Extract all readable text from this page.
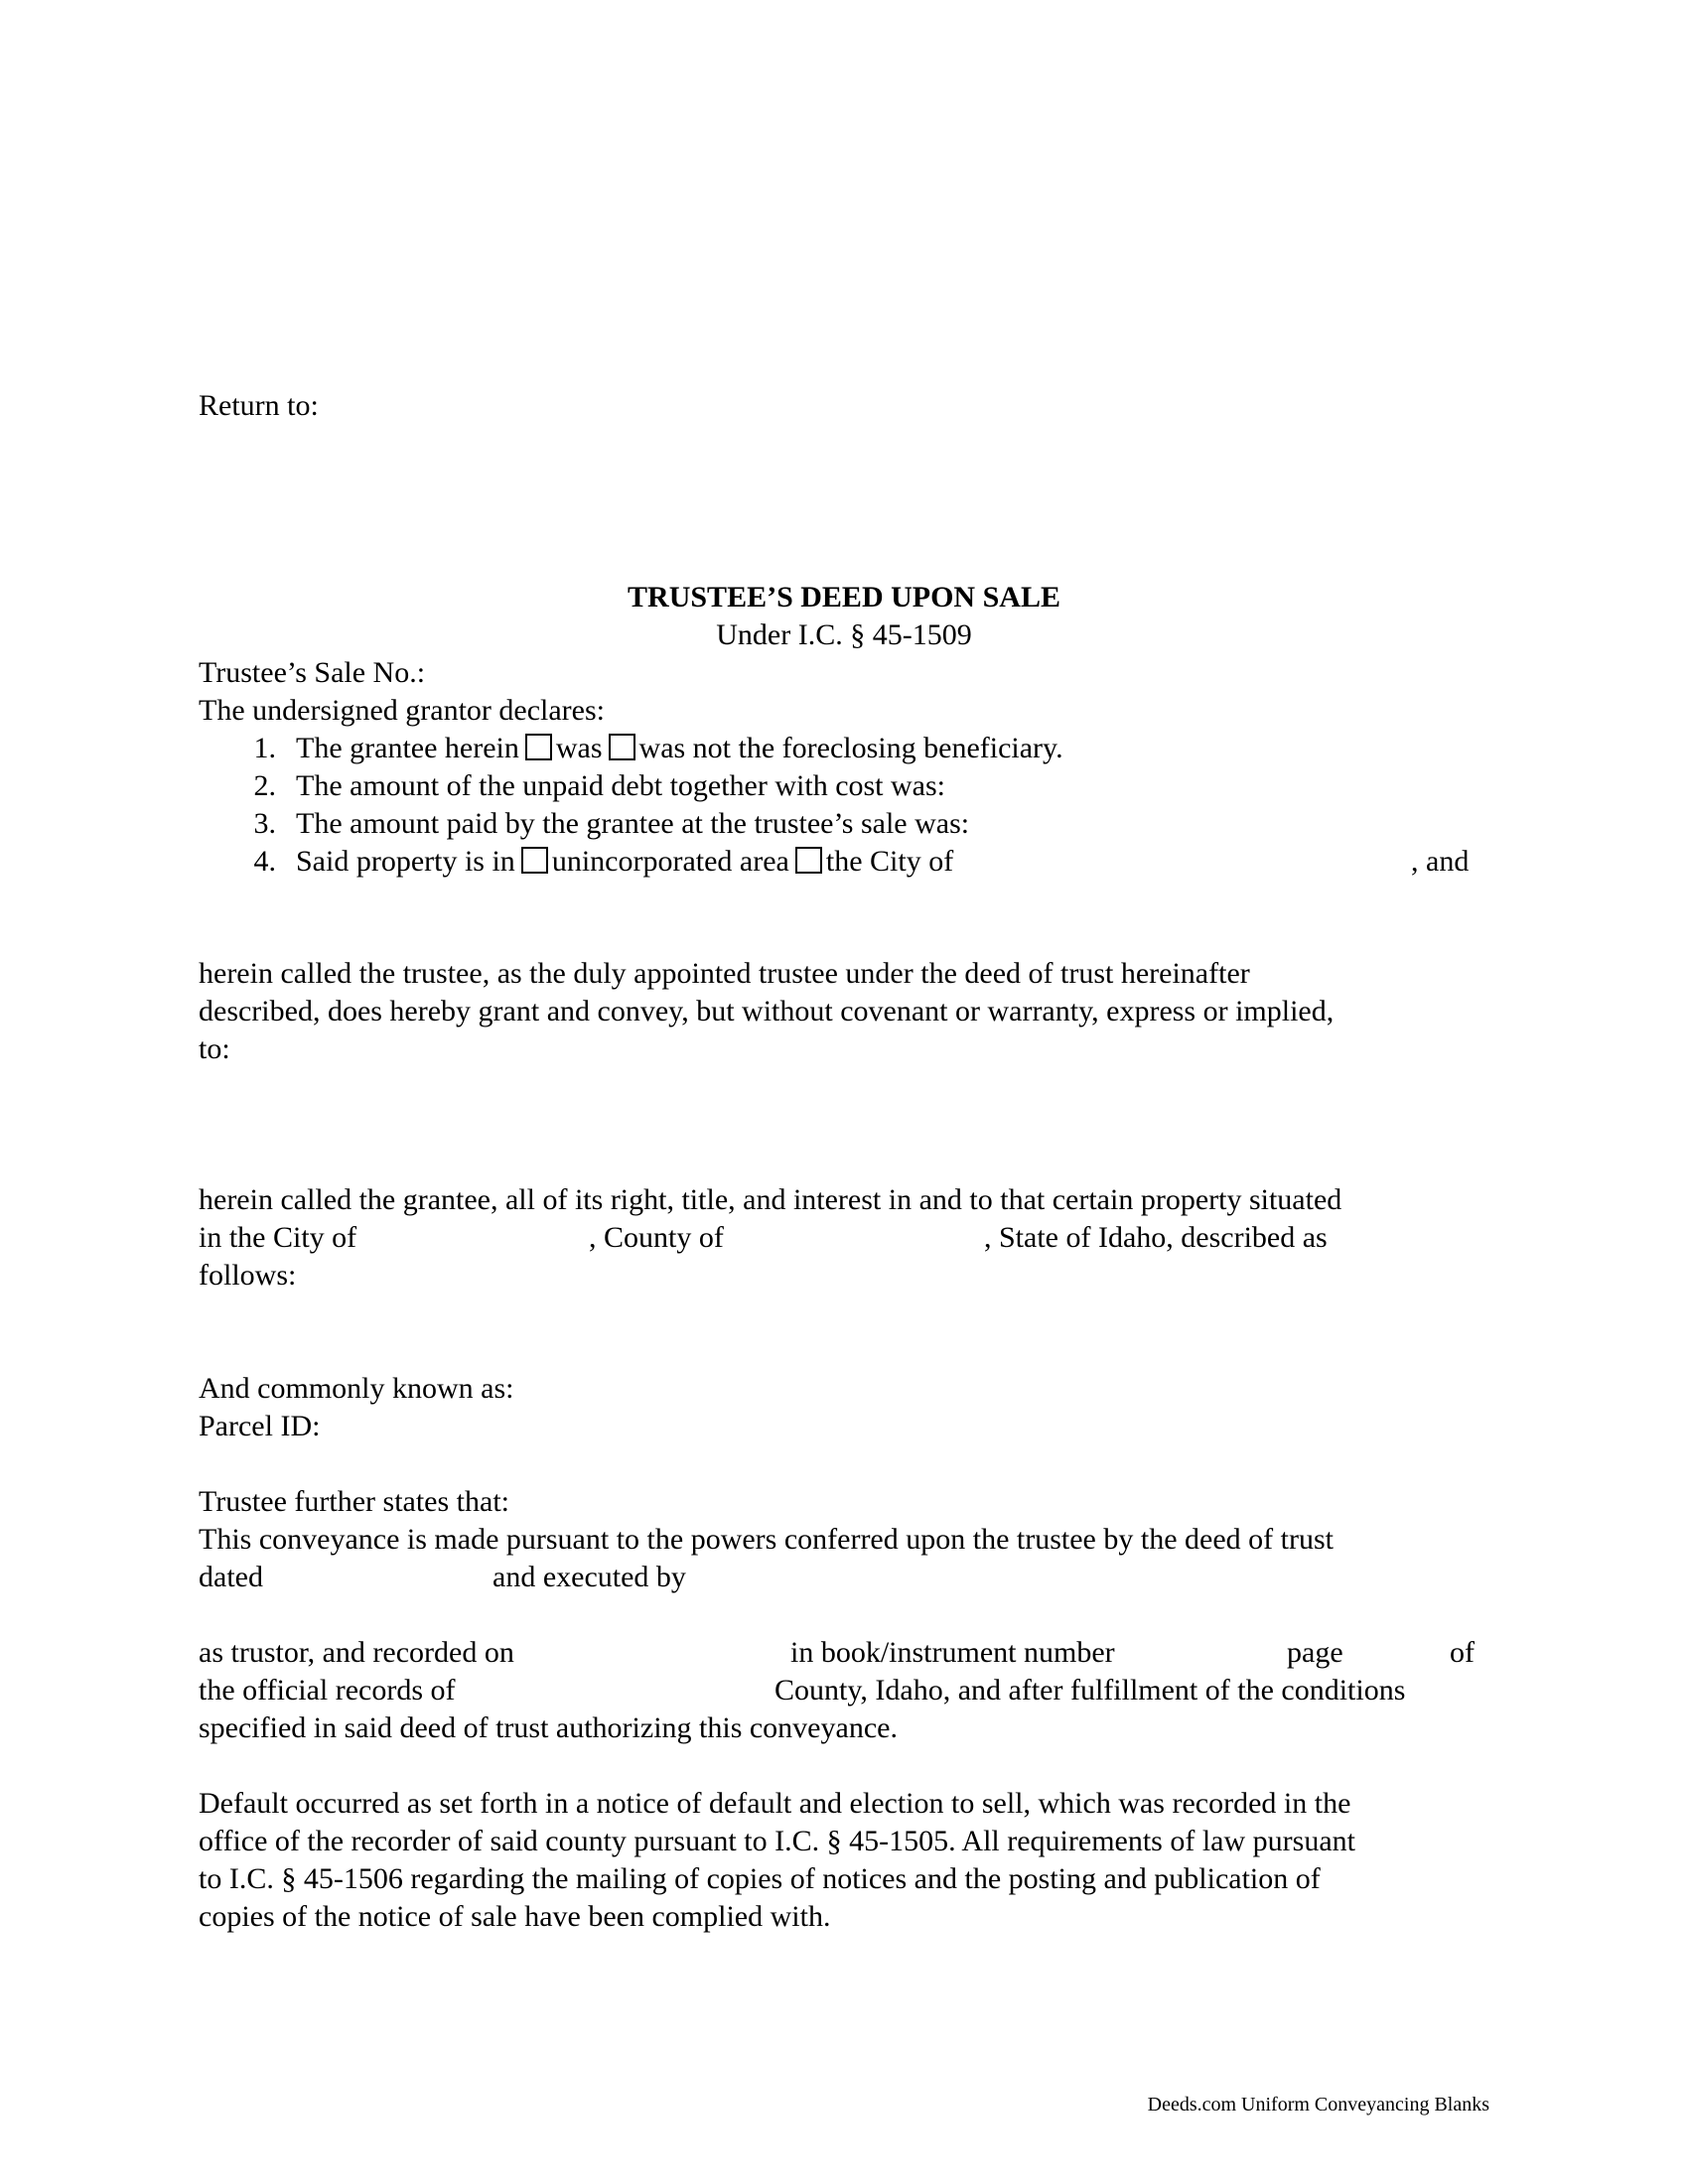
Return to:
TRUSTEE’S DEED UPON SALE
Under I.C. § 45-1509
Trustee’s Sale No.:
The undersigned grantor declares:
1. The grantee herein was was not the foreclosing beneficiary.
2. The amount of the unpaid debt together with cost was:
3. The amount paid by the grantee at the trustee’s sale was:
4. Said property is in unincorporated area the City of	, and
herein called the trustee, as the duly appointed trustee under the deed of trust hereinafter
described, does hereby grant and convey, but without covenant or warranty, express or implied,
to:
herein called the grantee, all of its right, title, and interest in and to that certain property situated
in the City of	, County of	, State of Idaho, described as
follows:
And commonly known as:
Parcel ID:
Trustee further states that:
This conveyance is made pursuant to the powers conferred upon the trustee by the deed of trust
dated	and executed by
as trustor, and recorded on	in book/instrument number	page	of
the official records of	County, Idaho, and after fulfillment of the conditions
specified in said deed of trust authorizing this conveyance.
Default occurred as set forth in a notice of default and election to sell, which was recorded in the
office of the recorder of said county pursuant to I.C. § 45-1505. All requirements of law pursuant
to I.C. § 45-1506 regarding the mailing of copies of notices and the posting and publication of
copies of the notice of sale have been complied with.
Deeds.com Uniform Conveyancing Blanks
